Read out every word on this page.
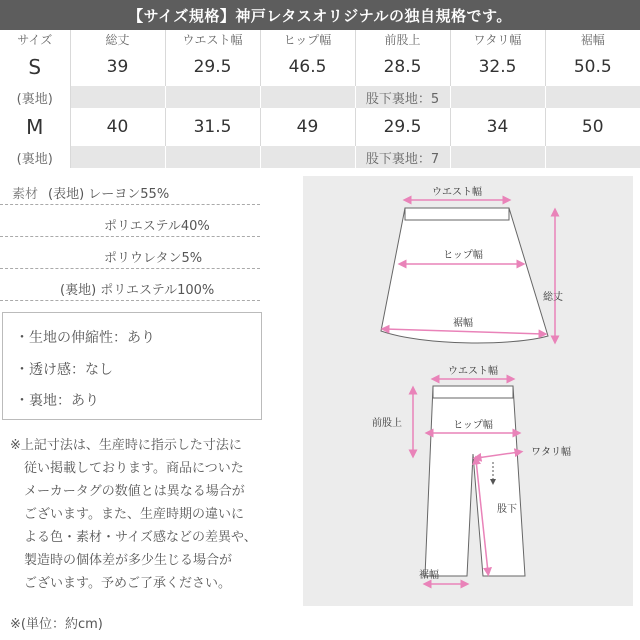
【サイズ規格】神戸レタスオリジナルの独自規格です。
サイズ	総丈	ウエスト幅	ヒップ幅	前股上	ワタリ幅	裾幅
S	39	29.5	46.5	28.5	32.5	50.5
(裏地)				股下裏地：5		
M	40	31.5	49	29.5	34	50
(裏地)				股下裏地：7		
素材 (表地) レーヨン55%
ポリエステル40%
ポリウレタン5%
(裏地) ポリエステル100%
・生地の伸縮性：あり
・透け感：なし
・裏地：あり
※上記寸法は、生産時に指示した寸法に
従い掲載しております。商品についた
メーカータグの数値とは異なる場合が
ございます。また、生産時期の違いに
よる色・素材・サイズ感などの差異や、
製造時の個体差が多少生じる場合が
ございます。予めご了承ください。
※(単位：約cm)
ウエスト幅
ヒップ幅
裾幅
総丈
ウエスト幅
前股上	ヒップ幅
ワタリ幅
股下
裾幅
